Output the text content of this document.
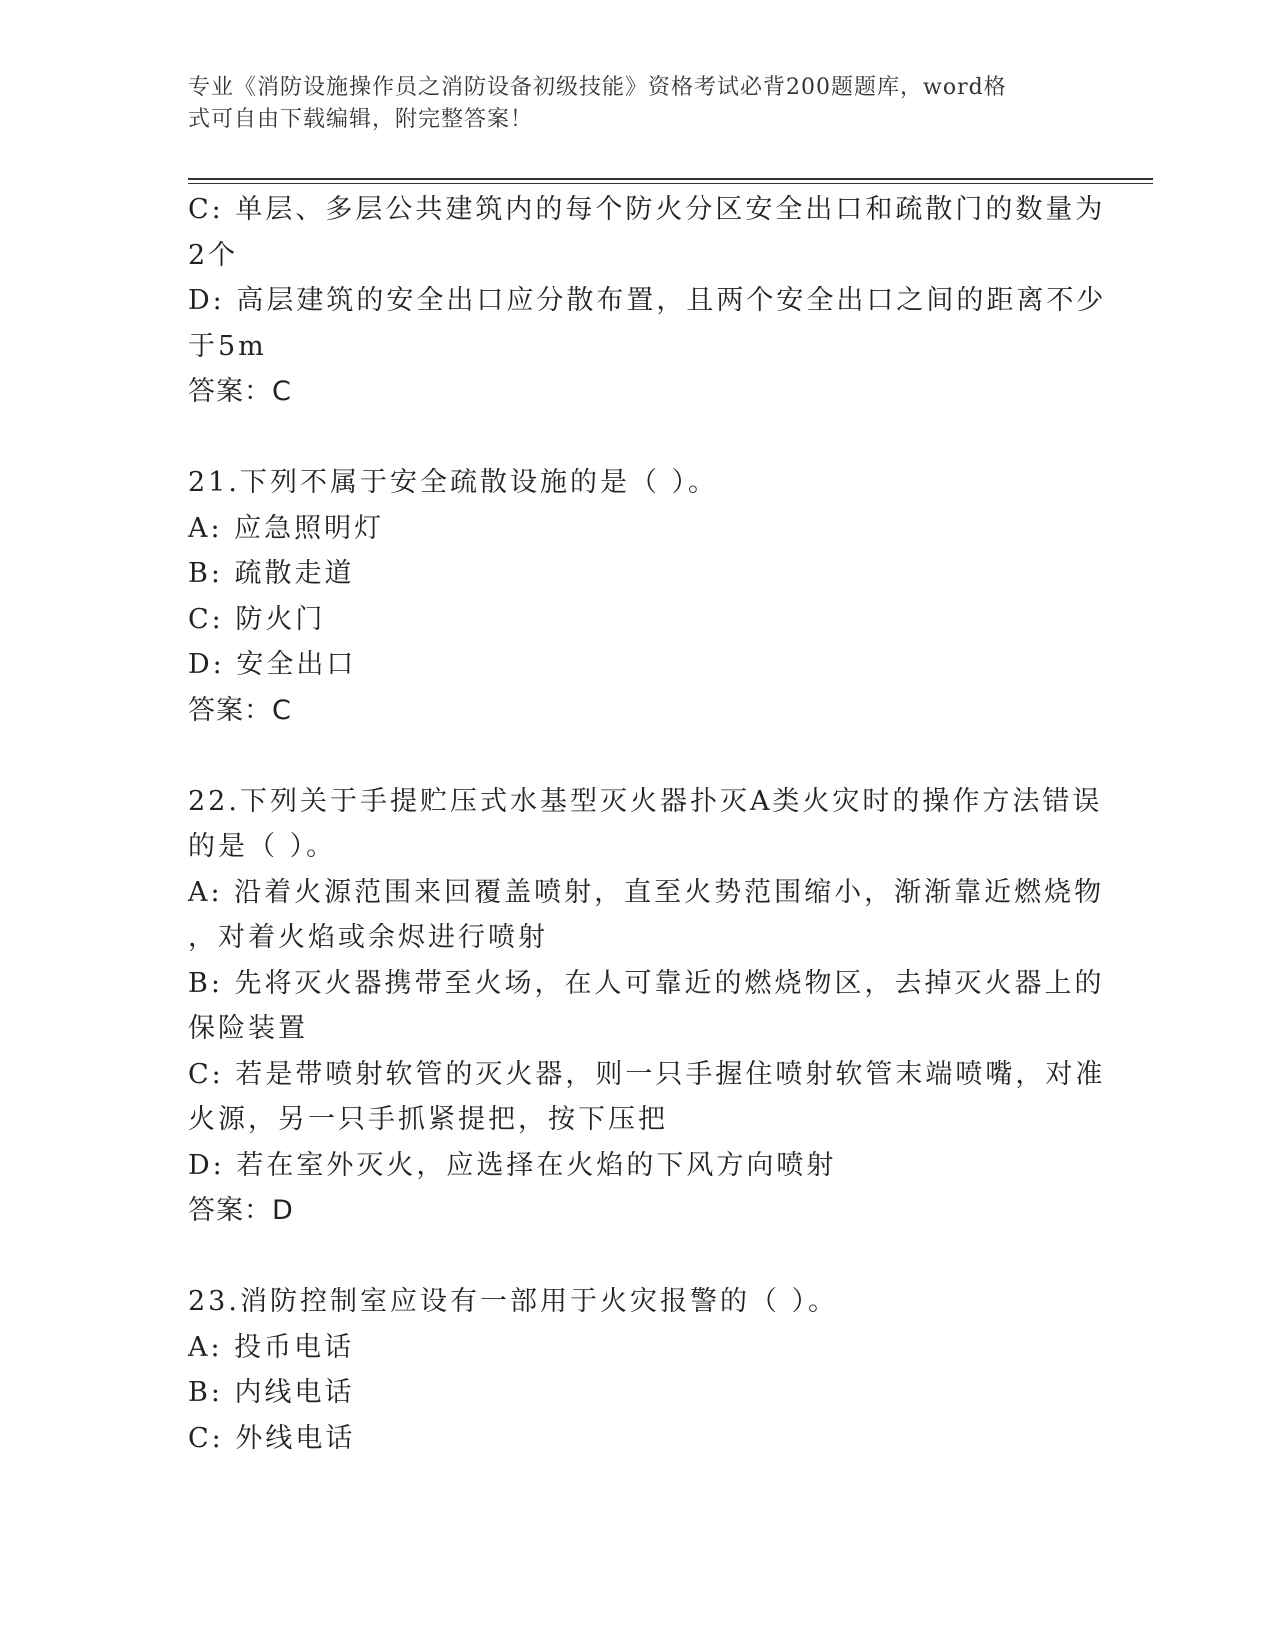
专业《消防设施操作员之消防设备初级技能》资格考试必背200题题库，word格
式可自由下载编辑，附完整答案！
C: 单层、多层公共建筑内的每个防火分区安全出口和疏散门的数量为
2个
D: 高层建筑的安全出口应分散布置，且两个安全出口之间的距离不少
于5m
答案：C
21.下列不属于安全疏散设施的是（ ）。
A: 应急照明灯
B: 疏散走道
C: 防火门
D: 安全出口
答案：C
22.下列关于手提贮压式水基型灭火器扑灭A类火灾时的操作方法错误
的是（ ）。
A: 沿着火源范围来回覆盖喷射，直至火势范围缩小，渐渐靠近燃烧物
，对着火焰或余烬进行喷射
B: 先将灭火器携带至火场，在人可靠近的燃烧物区，去掉灭火器上的
保险装置
C: 若是带喷射软管的灭火器，则一只手握住喷射软管末端喷嘴，对准
火源，另一只手抓紧提把，按下压把
D: 若在室外灭火，应选择在火焰的下风方向喷射
答案：D
23.消防控制室应设有一部用于火灾报警的（ ）。
A: 投币电话
B: 内线电话
C: 外线电话
